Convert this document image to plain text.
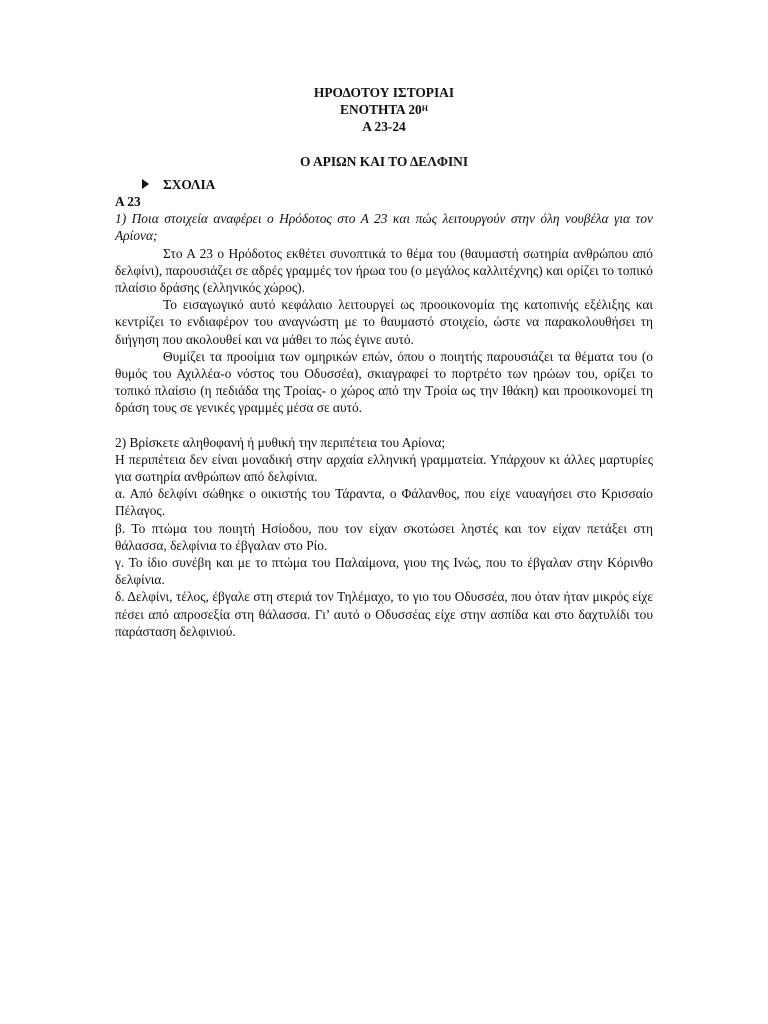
ΗΡΟΔΟΤΟΥ ΙΣΤΟΡΙΑΙ
ΕΝΟΤΗΤΑ $20^H$
Α 23-24
Ο ΑΡΙΩΝ ΚΑΙ ΤΟ ΔΕΛΦΙΝΙ
ΣΧΟΛΙΑ
Α 23

1) Ποια στοιχεία αναφέρει ο Ηρόδοτος στο Α 23 και πώς λειτουργούν στην όλη νουβέλα για τον Αρίονα;

Στο Α 23 ο Ηρόδοτος εκθέτει συνοπτικά το θέμα του (θαυμαστή σωτηρία ανθρώπου από δελφίνι), παρουσιάζει σε αδρές γραμμές τον ήρωα του (ο μεγάλος καλλιτέχνης) και ορίζει το τοπικό πλαίσιο δράσης (ελληνικός χώρος).

Το εισαγωγικό αυτό κεφάλαιο λειτουργεί ως προοικονομία της κατοπινής εξέλιξης και κεντρίζει το ενδιαφέρον του αναγνώστη με το θαυμαστό στοιχείο, ώστε να παρακολουθήσει τη διήγηση που ακολουθεί και να μάθει το πώς έγινε αυτό.

Θυμίζει τα προοίμια των ομηρικών επών, όπου ο ποιητής παρουσιάζει τα θέματα του (ο θυμός του Αχιλλέα-ο νόστος του Οδυσσέα), σκιαγραφεί το πορτρέτο των ηρώων του, ορίζει το τοπικό πλαίσιο (η πεδιάδα της Τροίας- ο χώρος από την Τροία ως την Ιθάκη) και προοικονομεί τη δράση τους σε γενικές γραμμές μέσα σε αυτό.

2) Βρίσκετε αληθοφανή ή μυθική την περιπέτεια του Αρίονα;

Η περιπέτεια δεν είναι μοναδική στην αρχαία ελληνική γραμματεία. Υπάρχουν κι άλλες μαρτυρίες για σωτηρία ανθρώπων από δελφίνια.

α. Από δελφίνι σώθηκε ο οικιστής του Τάραντα, ο Φάλανθος, που είχε ναυαγήσει στο Κρισσαίο Πέλαγος.

β. Το πτώμα του ποιητή Ησίοδου, που τον είχαν σκοτώσει ληστές και τον είχαν πετάξει στη θάλασσα, δελφίνια το έβγαλαν στο Ρίο.

γ. Το ίδιο συνέβη και με το πτώμα του Παλαίμονα, γιου της Ινώς, που το έβγαλαν στην Κόρινθο δελφίνια.

δ. Δελφίνι, τέλος, έβγαλε στη στεριά τον Τηλέμαχο, το γιο του Οδυσσέα, που όταν ήταν μικρός είχε πέσει από απροσεξία στη θάλασσα. Γι’ αυτό ο Οδυσσέας είχε στην ασπίδα και στο δαχτυλίδι του παράσταση δελφινιού.
